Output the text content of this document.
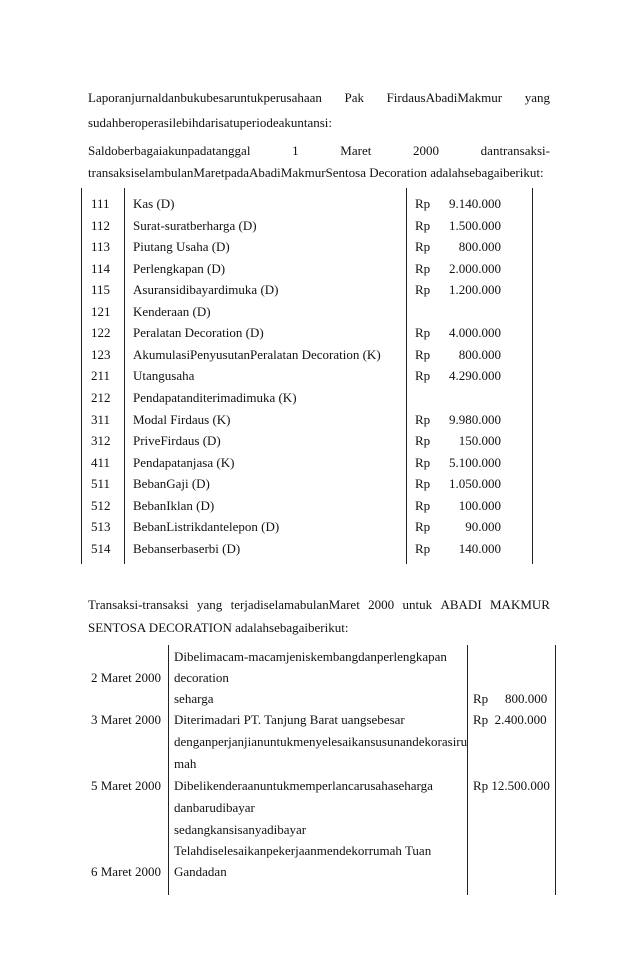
Laporanjurnaldanbukubesaruntukperusahaan Pak FirdausAbadiMakmur yang
sudahberoperasilebihdarisatuperiodeakuntansi:
Saldoberbagaiakunpadatanggal	1	Maret	2000	dantransaksi-
transaksiselambulanMaretpadaAbadiMakmurSentosa Decoration adalahsebagaiberikut:
111 Kas (D)	Rp 9.140.000
112 Surat-suratberharga (D)	Rp 1.500.000
113 Piutang Usaha (D)	Rp 800.000
114 Perlengkapan (D)	Rp 2.000.000
115 Asuransidibayardimuka (D)	Rp 1.200.000
121 Kenderaan (D)
122 Peralatan Decoration (D)	Rp 4.000.000
123 AkumulasiPenyusutanPeralatan Decoration (K)	Rp 800.000
211 Utangusaha	Rp 4.290.000
212 Pendapatanditerimadimuka (K)
311 Modal Firdaus (K)	Rp 9.980.000
312 PriveFirdaus (D)	Rp 150.000
411 Pendapatanjasa (K)	Rp 5.100.000
511 BebanGaji (D)	Rp 1.050.000
512 BebanIklan (D)	Rp 100.000
513 BebanListrikdantelepon (D)	Rp	90.000
514 Bebanserbaserbi (D)	Rp 140.000
Transaksi-transaksi yang terjadiselamabulanMaret 2000 untuk ABADI MAKMUR
SENTOSA DECORATION adalahsebagaiberikut:
Dibelimacam-macamjeniskembangdanperlengkapan
2 Maret 2000 decoration
seharga	Rp 800.000
3 Maret 2000 Diterimadari PT. Tanjung Barat uangsebesar	Rp  2.400.000
denganperjanjianuntukmenyelesaikansusunandekorasiru
mah
5 Maret 2000 Dibelikenderaanuntukmemperlancarusahaseharga	Rp 12.500.000
danbarudibayar
sedangkansisanyadibayar
Telahdiselesaikanpekerjaanmendekorrumah Tuan
6 Maret 2000 Gandadan
